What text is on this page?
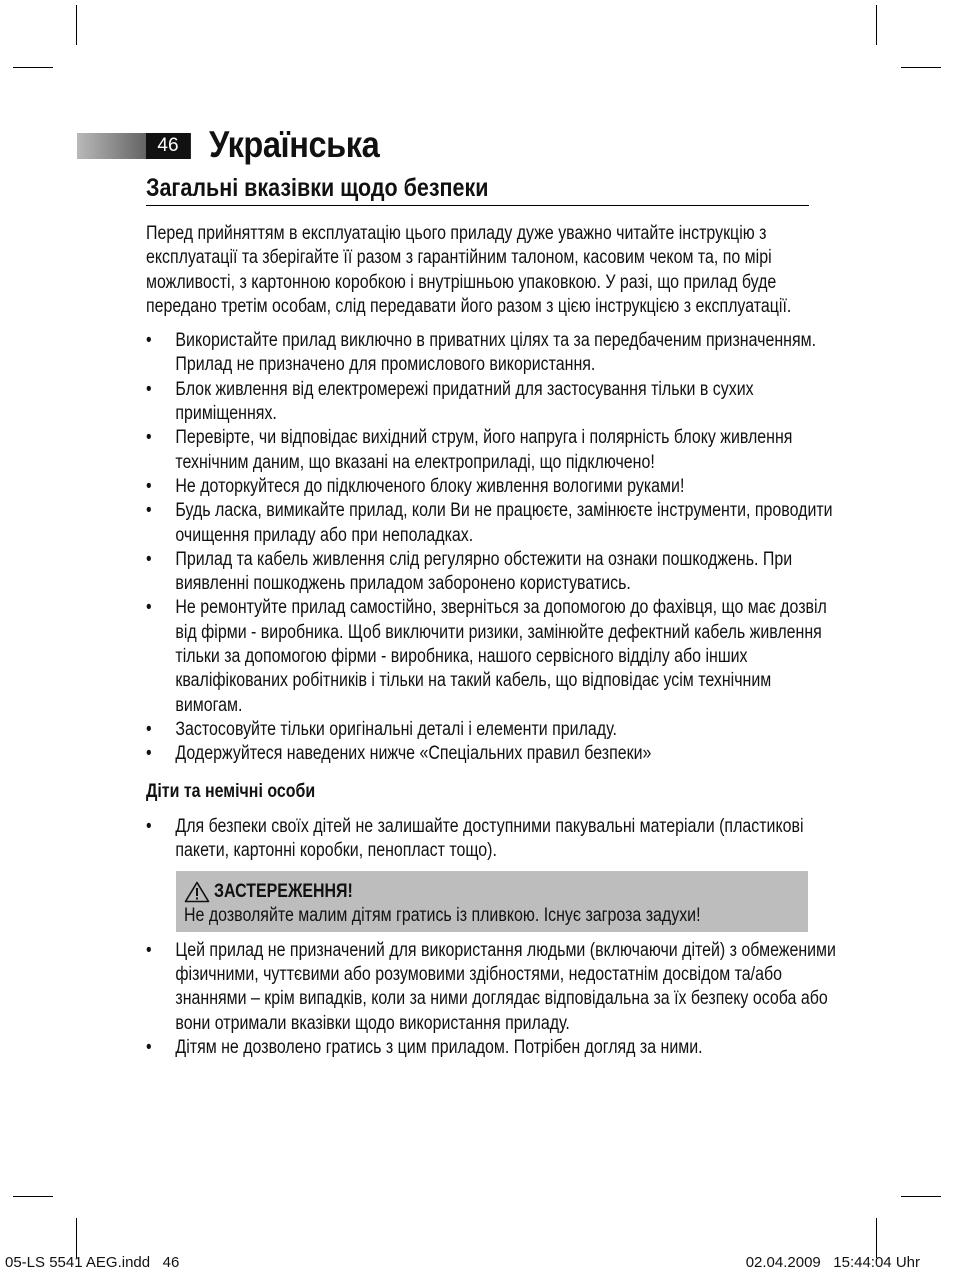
46 Українська
Загальні вказівки щодо безпеки

Перед прийняттям в експлуатацію цього приладу дуже уважно читайте інструкцію з експлуатації та зберігайте її разом з гарантійним талоном, касовим чеком та, по мірі можливості, з картонною коробкою і внутрішньою упаковкою. У разі, що прилад буде передано третім особам, слід передавати його разом з цією інструкцією з експлуатації.

• Використайте прилад виключно в приватних цілях та за передбаченим призначенням. Прилад не призначено для промислового використання.
• Блок живлення від електромережі придатний для застосування тільки в сухих приміщеннях.
• Перевірте, чи відповідає вихідний струм, його напруга і полярність блоку живлення технічним даним, що вказані на електроприладі, що підключено!
• Не доторкуйтеся до підключеного блоку живлення вологими руками!
• Будь ласка, вимикайте прилад, коли Ви не працюєте, замінюєте інструменти, проводити очищення приладу або при неполадках.
• Прилад та кабель живлення слід регулярно обстежити на ознаки пошкоджень. При виявленні пошкоджень приладом заборонено користуватись.
• Не ремонтуйте прилад самостійно, зверніться за допомогою до фахівця, що має дозвіл від фірми - виробника. Щоб виключити ризики, замінюйте дефектний кабель живлення тільки за допомогою фірми - виробника, нашого сервісного відділу або інших кваліфікованих робітників і тільки на такий кабель, що відповідає усім технічним вимогам.
• Застосовуйте тільки оригінальні деталі і елементи приладу.
• Додержуйтеся наведених нижче «Спеціальних правил безпеки»
Діти та немічні особи
• Для безпеки своїх дітей не залишайте доступними пакувальні матеріали (пластикові пакети, картонні коробки, пенопласт тощо).
ЗАСТЕРЕЖЕННЯ!
Не дозволяйте малим дітям гратись із пливкою. Існує загроза задухи!
• Цей прилад не призначений для використання людьми (включаючи дітей) з обмеженими фізичними, чуттєвими або розумовими здібностями, недостатнім досвідом та/або знаннями – крім випадків, коли за ними доглядає відповідальна за їх безпеку особа або вони отримали вказівки щодо використання приладу.
• Дітям не дозволено гратись з цим приладом. Потрібен догляд за ними.
05-LS 5541 AEG.indd   46	02.04.2009   15:44:04 Uhr
